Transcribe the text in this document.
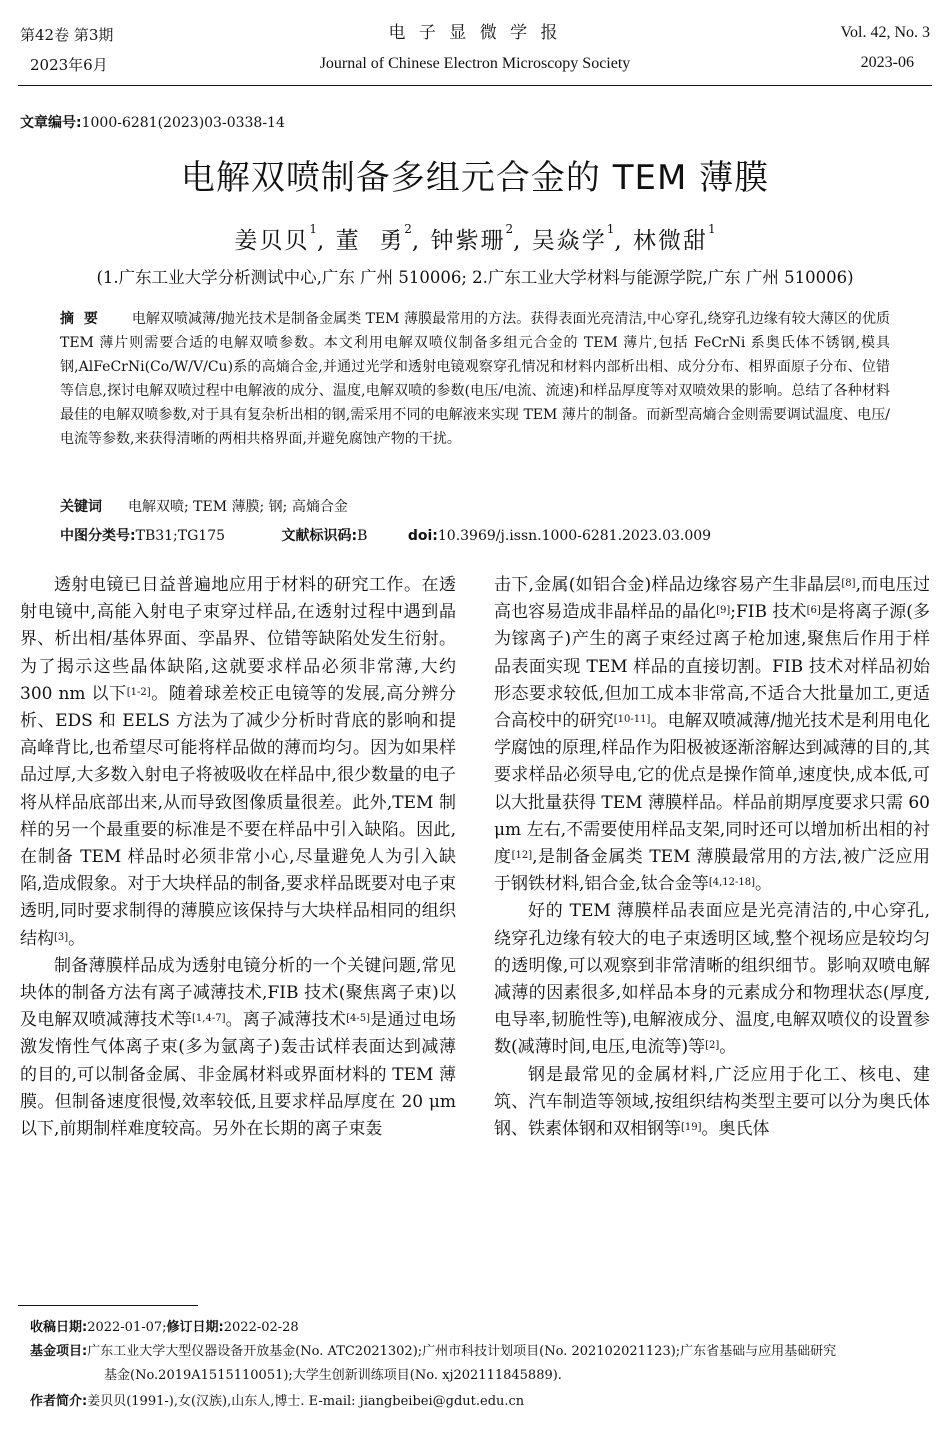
第42卷 第3期
2023年6月
电 子 显 微 学 报
Journal of Chinese Electron Microscopy Society
Vol. 42, No. 3
2023-06
文章编号:1000-6281(2023)03-0338-14
电解双喷制备多组元合金的 TEM 薄膜
姜贝贝$^1$, 董  勇$^2$, 钟紫珊$^2$, 吴焱学$^1$, 林微甜$^1$
(1.广东工业大学分析测试中心,广东 广州 510006; 2.广东工业大学材料与能源学院,广东 广州 510006)
摘  要 电解双喷减薄/抛光技术是制备金属类 TEM 薄膜最常用的方法。获得表面光亮清洁,中心穿孔,绕穿孔边缘有较大薄区的优质 TEM 薄片则需要合适的电解双喷参数。本文利用电解双喷仪制备多组元合金的 TEM 薄片,包括 FeCrNi 系奥氏体不锈钢,模具钢,AlFeCrNi(Co/W/V/Cu)系的高熵合金,并通过光学和透射电镜观察穿孔情况和材料内部析出相、成分分布、相界面原子分布、位错等信息,探讨电解双喷过程中电解液的成分、温度,电解双喷的参数(电压/电流、流速)和样品厚度等对双喷效果的影响。总结了各种材料最佳的电解双喷参数,对于具有复杂析出相的钢,需采用不同的电解液来实现 TEM 薄片的制备。而新型高熵合金则需要调试温度、电压/电流等参数,来获得清晰的两相共格界面,并避免腐蚀产物的干扰。
关键词 电解双喷; TEM 薄膜; 钢; 高熵合金
中图分类号:TB31;TG175	文献标识码:B	doi:10.3969/j.issn.1000-6281.2023.03.009

透射电镜已日益普遍地应用于材料的研究工作。在透射电镜中,高能入射电子束穿过样品,在透射过程中遇到晶界、析出相/基体界面、孪晶界、位错等缺陷处发生衍射。为了揭示这些晶体缺陷,这就要求样品必须非常薄,大约 300 nm 以下[1-2]。随着球差校正电镜等的发展,高分辨分析、EDS 和 EELS 方法为了减少分析时背底的影响和提高峰背比,也希望尽可能将样品做的薄而均匀。因为如果样品过厚,大多数入射电子将被吸收在样品中,很少数量的电子将从样品底部出来,从而导致图像质量很差。此外,TEM 制样的另一个最重要的标准是不要在样品中引入缺陷。因此,在制备 TEM 样品时必须非常小心,尽量避免人为引入缺陷,造成假象。对于大块样品的制备,要求样品既要对电子束透明,同时要求制得的薄膜应该保持与大块样品相同的组织结构[3]。

制备薄膜样品成为透射电镜分析的一个关键问题,常见块体的制备方法有离子减薄技术,FIB 技术(聚焦离子束)以及电解双喷减薄技术等[1,4-7]。离子减薄技术[4-5]是通过电场激发惰性气体离子束(多为氩离子)轰击试样表面达到减薄的目的,可以制备金属、非金属材料或界面材料的 TEM 薄膜。但制备速度很慢,效率较低,且要求样品厚度在 20 μm 以下,前期制样难度较高。另外在长期的离子束轰

击下,金属(如铝合金)样品边缘容易产生非晶层[8],而电压过高也容易造成非晶样品的晶化[9];FIB 技术[6]是将离子源(多为镓离子)产生的离子束经过离子枪加速,聚焦后作用于样品表面实现 TEM 样品的直接切割。FIB 技术对样品初始形态要求较低,但加工成本非常高,不适合大批量加工,更适合高校中的研究[10-11]。电解双喷减薄/抛光技术是利用电化学腐蚀的原理,样品作为阳极被逐渐溶解达到减薄的目的,其要求样品必须导电,它的优点是操作简单,速度快,成本低,可以大批量获得 TEM 薄膜样品。样品前期厚度要求只需 60 μm 左右,不需要使用样品支架,同时还可以增加析出相的衬度[12],是制备金属类 TEM 薄膜最常用的方法,被广泛应用于钢铁材料,铝合金,钛合金等[4,12-18]。

好的 TEM 薄膜样品表面应是光亮清洁的,中心穿孔,绕穿孔边缘有较大的电子束透明区域,整个视场应是较均匀的透明像,可以观察到非常清晰的组织细节。影响双喷电解减薄的因素很多,如样品本身的元素成分和物理状态(厚度,电导率,韧脆性等),电解液成分、温度,电解双喷仪的设置参数(减薄时间,电压,电流等)等[2]。

钢是最常见的金属材料,广泛应用于化工、核电、建筑、汽车制造等领域,按组织结构类型主要可以分为奥氏体钢、铁素体钢和双相钢等[19]。奥氏体

收稿日期:2022-01-07;修订日期:2022-02-28
基金项目:广东工业大学大型仪器设备开放基金(No. ATC2021302);广州市科技计划项目(No. 202102021123);广东省基础与应用基础研究
基金(No.2019A1515110051);大学生创新训练项目(No. xj202111845889).
作者简介:姜贝贝(1991-),女(汉族),山东人,博士. E-mail: jiangbeibei@gdut.edu.cn
